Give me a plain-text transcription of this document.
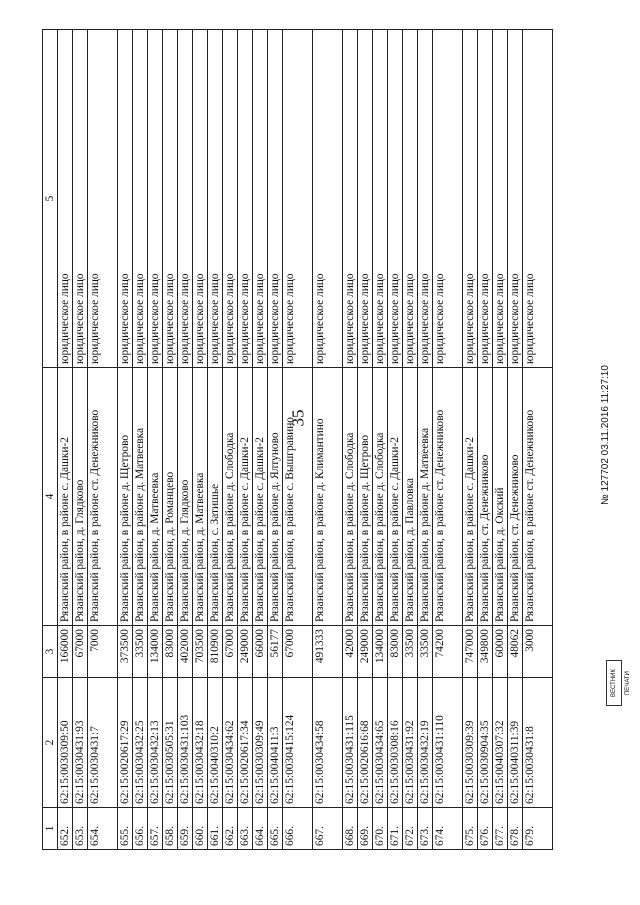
35
1	2	3	4	5
652.	62:15:0030309:50	166000	Рязанский район, в районе с. Дашки-2	юридическое лицо
653.	62:15:0030431:93	67000	Рязанский район, д. Глядково	юридическое лицо
654.	62:15:0030431:7	7000	Рязанский район, в районе ст. Денежниково	юридическое лицо
655.	62:15:0020617:29	373500	Рязанский район, в районе д. Щетрово	юридическое лицо
656.	62:15:0030432:25	33500	Рязанский район, в районе д. Матвеевка	юридическое лицо
657.	62:15:0030432:13	134000	Рязанский район, д. Матвеевка	юридическое лицо
658.	62:15:0030505:31	83000	Рязанский район, д. Романцево	юридическое лицо
659.	62:15:0030431:103	402000	Рязанский район, д. Глядково	юридическое лицо
660.	62:15:0030432:18	703500	Рязанский район, д. Матвеевка	юридическое лицо
661.	62:15:0040310:2	810900	Рязанский район, с. Затишье	юридическое лицо
662.	62:15:0030434:62	67000	Рязанский район, в районе д. Слободка	юридическое лицо
663.	62:15:0020617:34	249000	Рязанский район, в районе с. Дашки-2	юридическое лицо
664.	62:15:0030309:49	66000	Рязанский район, в районе с. Дашки-2	юридическое лицо
665.	62:15:0040411:3	56177	Рязанский район, в районе д. Ялтуново	юридическое лицо
666.	62:15:0030415:124	67000	Рязанский район, в районе с. Вышгравино	юридическое лицо
667.	62:15:0030434:58	491333	Рязанский район, в районе д. Климантино	юридическое лицо
668.	62:15:0030431:115	42000	Рязанский район, в районе д. Слободка	юридическое лицо
669.	62:15:0020616:68	249000	Рязанский район, в районе д. Щетрово	юридическое лицо
670.	62:15:0030434:65	134000	Рязанский район, в районе д. Слободка	юридическое лицо
671.	62:15:0030308:16	83000	Рязанский район, в районе с. Дашки-2	юридическое лицо
672.	62:15:0030431:92	33500	Рязанский район, д. Павловка	юридическое лицо
673.	62:15:0030432:19	33500	Рязанский район, в районе д. Матвеевка	юридическое лицо
674.	62:15:0030431:110	74200	Рязанский район, в районе ст. Денежниково	юридическое лицо
675.	62:15:0030309:39	747000	Рязанский район, в районе с. Дашки-2	юридическое лицо
676.	62:15:0030904:35	349800	Рязанский район, ст. Денежниково	юридическое лицо
677.	62:15:0040307:32	60000	Рязанский район, д. Окский	юридическое лицо
678.	62:15:0040311:39	48062	Рязанский район, ст. Денежниково	юридическое лицо
679.	62:15:0030431:8	3000	Рязанский район, в районе ст. Денежниково	юридическое лицо
№ 127702 03.11.2016 11:27:10
ВЕСТНИК ПЕЧАТИ
